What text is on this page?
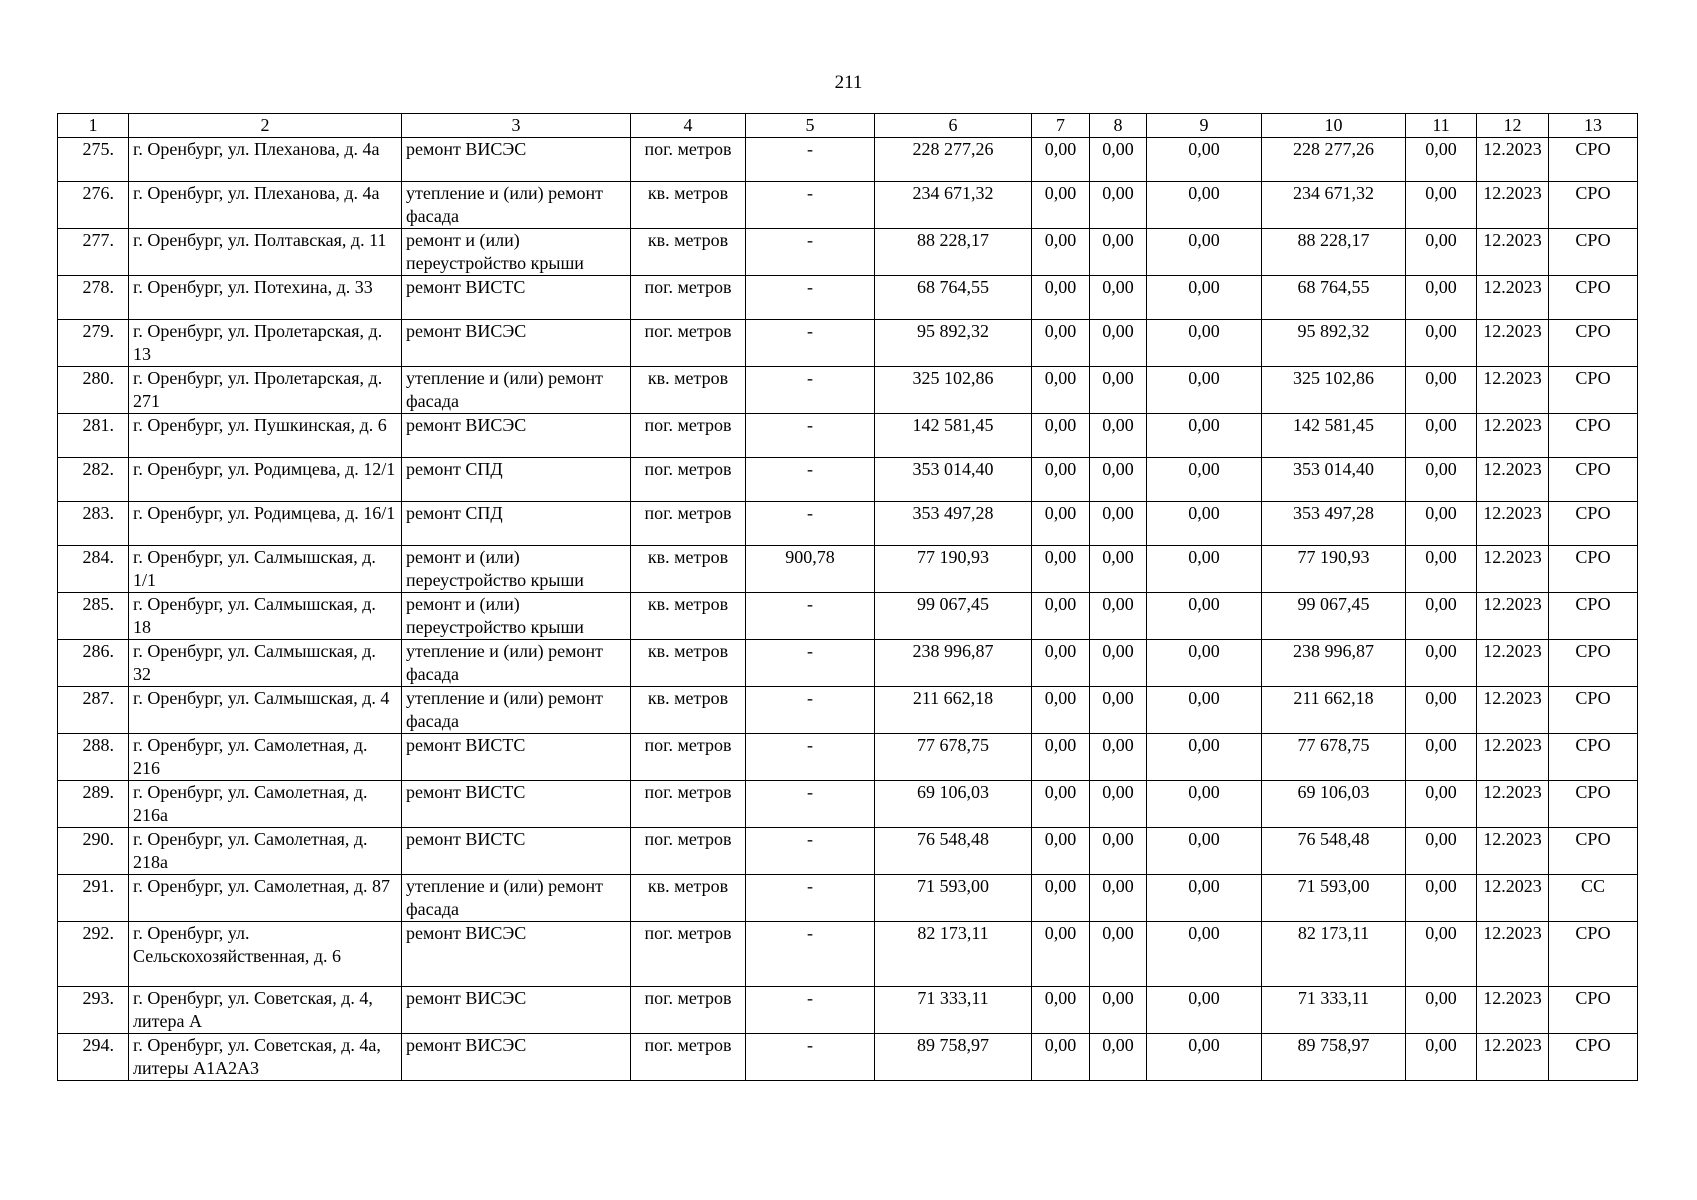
211
1	2	3	4	5	6	7	8	9	10	11	12	13
275.	г. Оренбург, ул. Плеханова, д. 4а	ремонт ВИСЭС	пог. метров	-	228 277,26	0,00	0,00	0,00	228 277,26	0,00	12.2023	СРО
276.	г. Оренбург, ул. Плеханова, д. 4а	утепление и (или) ремонт фасада	кв. метров	-	234 671,32	0,00	0,00	0,00	234 671,32	0,00	12.2023	СРО
277.	г. Оренбург, ул. Полтавская, д. 11	ремонт и (или) переустройство крыши	кв. метров	-	88 228,17	0,00	0,00	0,00	88 228,17	0,00	12.2023	СРО
278.	г. Оренбург, ул. Потехина, д. 33	ремонт ВИСТС	пог. метров	-	68 764,55	0,00	0,00	0,00	68 764,55	0,00	12.2023	СРО
279.	г. Оренбург, ул. Пролетарская, д. 13	ремонт ВИСЭС	пог. метров	-	95 892,32	0,00	0,00	0,00	95 892,32	0,00	12.2023	СРО
280.	г. Оренбург, ул. Пролетарская, д. 271	утепление и (или) ремонт фасада	кв. метров	-	325 102,86	0,00	0,00	0,00	325 102,86	0,00	12.2023	СРО
281.	г. Оренбург, ул. Пушкинская, д. 6	ремонт ВИСЭС	пог. метров	-	142 581,45	0,00	0,00	0,00	142 581,45	0,00	12.2023	СРО
282.	г. Оренбург, ул. Родимцева, д. 12/1	ремонт СПД	пог. метров	-	353 014,40	0,00	0,00	0,00	353 014,40	0,00	12.2023	СРО
283.	г. Оренбург, ул. Родимцева, д. 16/1	ремонт СПД	пог. метров	-	353 497,28	0,00	0,00	0,00	353 497,28	0,00	12.2023	СРО
284.	г. Оренбург, ул. Салмышская, д. 1/1	ремонт и (или) переустройство крыши	кв. метров	900,78	77 190,93	0,00	0,00	0,00	77 190,93	0,00	12.2023	СРО
285.	г. Оренбург, ул. Салмышская, д. 18	ремонт и (или) переустройство крыши	кв. метров	-	99 067,45	0,00	0,00	0,00	99 067,45	0,00	12.2023	СРО
286.	г. Оренбург, ул. Салмышская, д. 32	утепление и (или) ремонт фасада	кв. метров	-	238 996,87	0,00	0,00	0,00	238 996,87	0,00	12.2023	СРО
287.	г. Оренбург, ул. Салмышская, д. 4	утепление и (или) ремонт фасада	кв. метров	-	211 662,18	0,00	0,00	0,00	211 662,18	0,00	12.2023	СРО
288.	г. Оренбург, ул. Самолетная, д. 216	ремонт ВИСТС	пог. метров	-	77 678,75	0,00	0,00	0,00	77 678,75	0,00	12.2023	СРО
289.	г. Оренбург, ул. Самолетная, д. 216а	ремонт ВИСТС	пог. метров	-	69 106,03	0,00	0,00	0,00	69 106,03	0,00	12.2023	СРО
290.	г. Оренбург, ул. Самолетная, д. 218а	ремонт ВИСТС	пог. метров	-	76 548,48	0,00	0,00	0,00	76 548,48	0,00	12.2023	СРО
291.	г. Оренбург, ул. Самолетная, д. 87	утепление и (или) ремонт фасада	кв. метров	-	71 593,00	0,00	0,00	0,00	71 593,00	0,00	12.2023	СС
292.	г. Оренбург, ул. Сельскохозяйственная, д. 6	ремонт ВИСЭС	пог. метров	-	82 173,11	0,00	0,00	0,00	82 173,11	0,00	12.2023	СРО
293.	г. Оренбург, ул. Советская, д. 4, литера А	ремонт ВИСЭС	пог. метров	-	71 333,11	0,00	0,00	0,00	71 333,11	0,00	12.2023	СРО
294.	г. Оренбург, ул. Советская, д. 4а, литеры А1А2А3	ремонт ВИСЭС	пог. метров	-	89 758,97	0,00	0,00	0,00	89 758,97	0,00	12.2023	СРО
